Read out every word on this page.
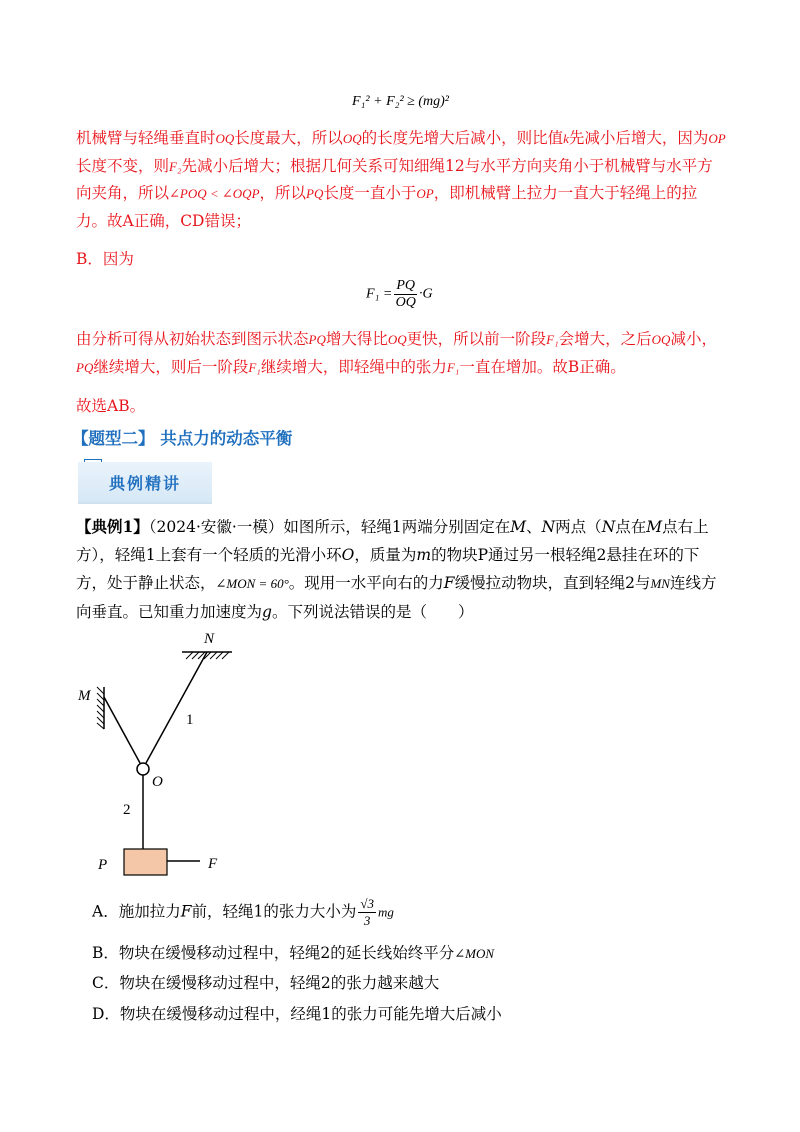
F₁² + F₂² ≥ (mg)²
机械臂与轻绳垂直时OQ长度最大，所以OQ的长度先增大后减小，则比值k先减小后增大，因为OP长度不变，则F₂先减小后增大；根据几何关系可知细绳12与水平方向夹角小于机械臂与水平方向夹角，所以∠POQ < ∠OQP，所以PQ长度一直小于OP，即机械臂上拉力一直大于轻绳上的拉力。故A正确，CD错误；
B．因为
$F_1 = \frac{PQ}{OQ} \cdot G$
由分析可得从初始状态到图示状态PQ增大得比OQ更快，所以前一阶段F₁会增大，之后OQ减小，PQ继续增大，则后一阶段F₁继续增大，即轻绳中的张力F₁一直在增加。故B正确。
故选AB。
【题型二】 共点力的动态平衡
典例精讲
【典例1】（2024·安徽·一模）如图所示，轻绳1两端分别固定在M、N两点（N点在M点右上方），轻绳1上套有一个轻质的光滑小环O，质量为m的物块P通过另一根轻绳2悬挂在环的下方，处于静止状态，∠MON = 60°。现用一水平向右的力F缓慢拉动物块，直到轻绳2与MN连线方向垂直。已知重力加速度为g。下列说法错误的是（　　）
N
M
1
O
2
P	F
A．施加拉力F前，轻绳1的张力大小为 $\frac{√3}{3}$ mg
B．物块在缓慢移动过程中，轻绳2的延长线始终平分∠MON
C．物块在缓慢移动过程中，轻绳2的张力越来越大
D．物块在缓慢移动过程中，经绳1的张力可能先增大后减小
